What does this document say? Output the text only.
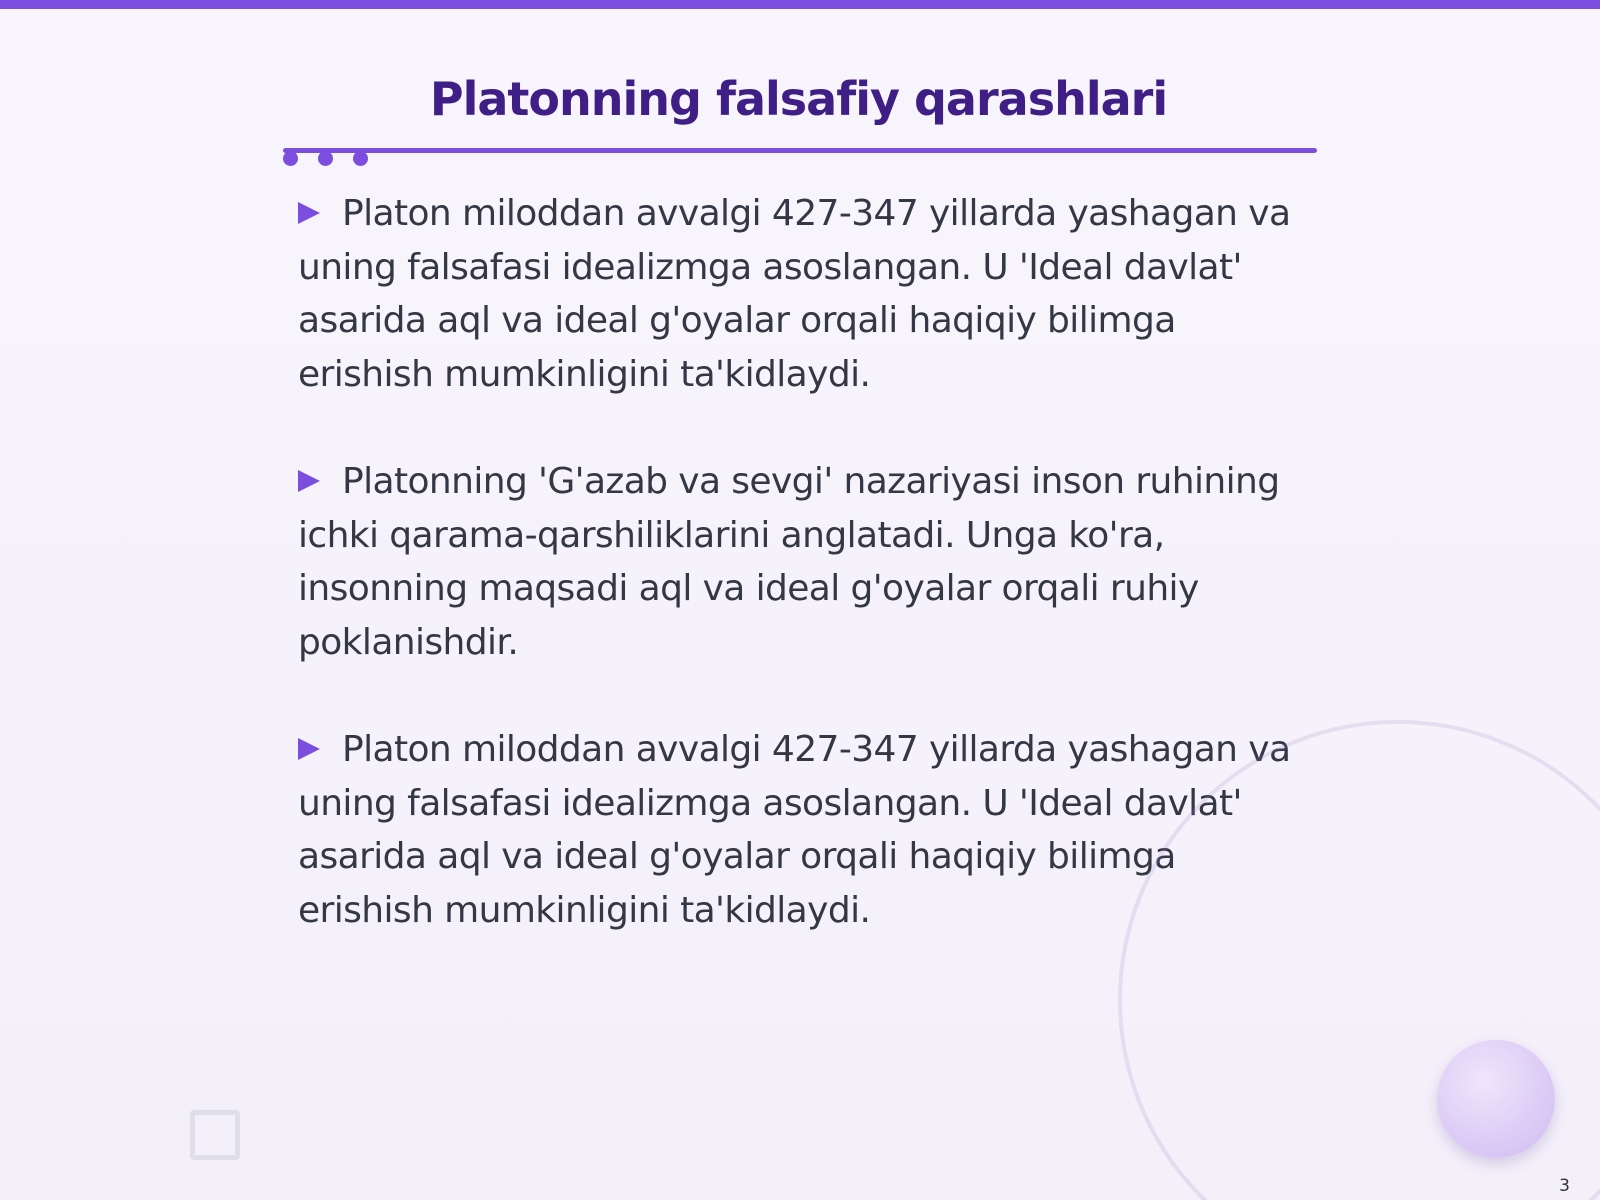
Platonning falsafiy qarashlari
Platon miloddan avvalgi 427-347 yillarda yashagan va uning falsafasi idealizmga asoslangan. U 'Ideal davlat' asarida aql va ideal g'oyalar orqali haqiqiy bilimga erishish mumkinligini ta'kidlaydi.
Platonning 'G'azab va sevgi' nazariyasi inson ruhining ichki qarama-qarshiliklarini anglatadi. Unga ko'ra, insonning maqsadi aql va ideal g'oyalar orqali ruhiy poklanishdir.
Platon miloddan avvalgi 427-347 yillarda yashagan va uning falsafasi idealizmga asoslangan. U 'Ideal davlat' asarida aql va ideal g'oyalar orqali haqiqiy bilimga erishish mumkinligini ta'kidlaydi.
3
